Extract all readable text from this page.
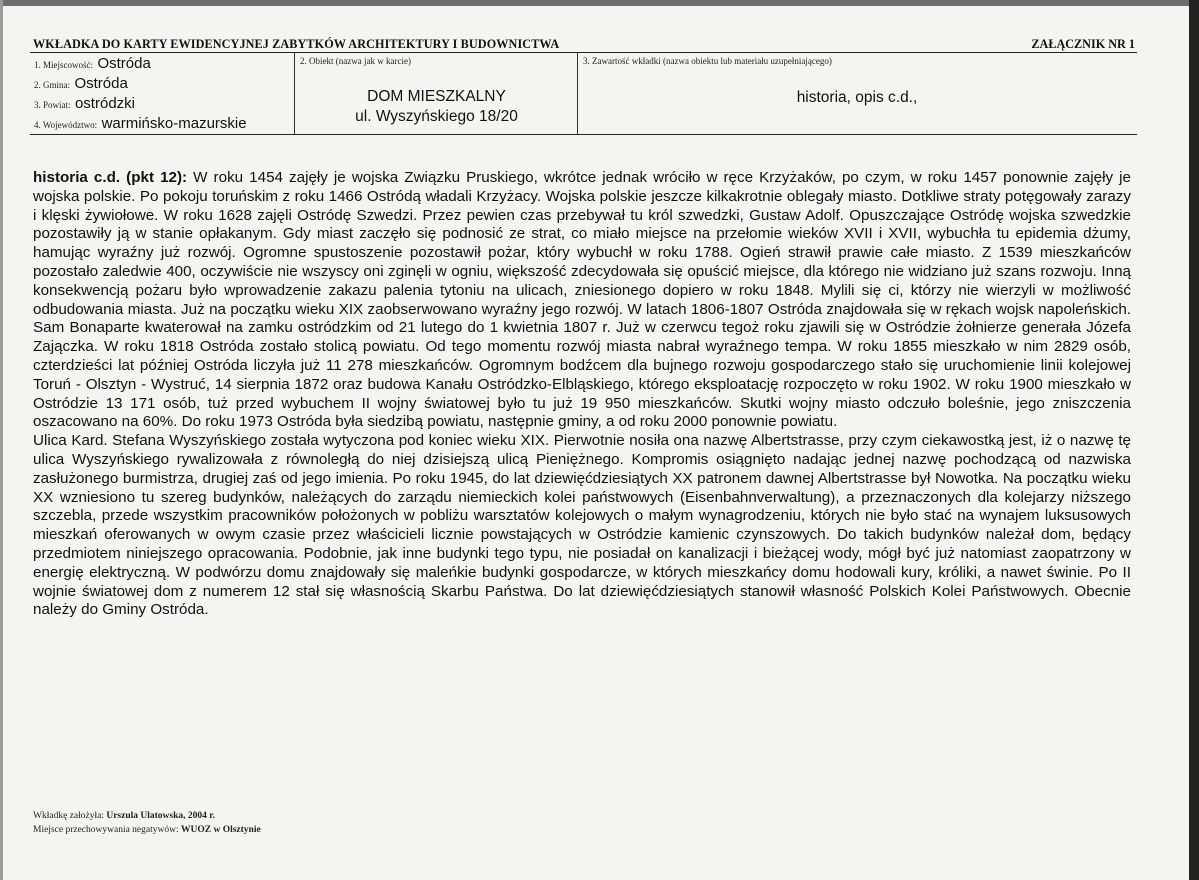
WKŁADKA DO KARTY EWIDENCYJNEJ ZABYTKÓW ARCHITEKTURY I BUDOWNICTWA	ZAŁĄCZNIK NR 1
1. Miejscowość: Ostróda
2. Gmina: Ostróda
3. Powiat: ostródzki
4. Województwo: warmińsko-mazurskie
2. Obiekt (nazwa jak w karcie)
DOM MIESZKALNY
ul. Wyszyńskiego 18/20
3. Zawartość wkładki (nazwa obiektu lub materiału uzupełniającego)
historia, opis c.d.,

historia c.d. (pkt 12): W roku 1454 zajęły je wojska Związku Pruskiego, wkrótce jednak wróciło w ręce Krzyżaków, po czym, w roku 1457 ponownie zajęły je wojska polskie. Po pokoju toruńskim z roku 1466 Ostródą władali Krzyżacy. Wojska polskie jeszcze kilkakrotnie oblegały miasto. Dotkliwe straty potęgowały zarazy i klęski żywiołowe. W roku 1628 zajęli Ostródę Szwedzi. Przez pewien czas przebywał tu król szwedzki, Gustaw Adolf. Opuszczające Ostródę wojska szwedzkie pozostawiły ją w stanie opłakanym. Gdy miast zaczęło się podnosić ze strat, co miało miejsce na przełomie wieków XVII i XVII, wybuchła tu epidemia dżumy, hamując wyraźny już rozwój. Ogromne spustoszenie pozostawił pożar, który wybuchł w roku 1788. Ogień strawił prawie całe miasto. Z 1539 mieszkańców pozostało zaledwie 400, oczywiście nie wszyscy oni zginęli w ogniu, większość zdecydowała się opuścić miejsce, dla którego nie widziano już szans rozwoju. Inną konsekwencją pożaru było wprowadzenie zakazu palenia tytoniu na ulicach, zniesionego dopiero w roku 1848. Mylili się ci, którzy nie wierzyli w możliwość odbudowania miasta. Już na początku wieku XIX zaobserwowano wyraźny jego rozwój. W latach 1806-1807 Ostróda znajdowała się w rękach wojsk napoleńskich. Sam Bonaparte kwaterował na zamku ostródzkim od 21 lutego do 1 kwietnia 1807 r. Już w czerwcu tegoż roku zjawili się w Ostródzie żołnierze generała Józefa Zajączka. W roku 1818 Ostróda zostało stolicą powiatu. Od tego momentu rozwój miasta nabrał wyraźnego tempa. W roku 1855 mieszkało w nim 2829 osób, czterdzieści lat później Ostróda liczyła już 11 278 mieszkańców. Ogromnym bodźcem dla bujnego rozwoju gospodarczego stało się uruchomienie linii kolejowej Toruń - Olsztyn - Wystruć, 14 sierpnia 1872 oraz budowa Kanału Ostródzko-Elbląskiego, którego eksploatację rozpoczęto w roku 1902. W roku 1900 mieszkało w Ostródzie 13 171 osób, tuż przed wybuchem II wojny światowej było tu już 19 950 mieszkańców. Skutki wojny miasto odczuło boleśnie, jego zniszczenia oszacowano na 60%. Do roku 1973 Ostróda była siedzibą powiatu, następnie gminy, a od roku 2000 ponownie powiatu.

Ulica Kard. Stefana Wyszyńskiego została wytyczona pod koniec wieku XIX. Pierwotnie nosiła ona nazwę Albertstrasse, przy czym ciekawostką jest, iż o nazwę tę ulica Wyszyńskiego rywalizowała z równoległą do niej dzisiejszą ulicą Pieniężnego. Kompromis osiągnięto nadając jednej nazwę pochodzącą od nazwiska zasłużonego burmistrza, drugiej zaś od jego imienia. Po roku 1945, do lat dziewięćdziesiątych XX patronem dawnej Albertstrasse był Nowotka. Na początku wieku XX wzniesiono tu szereg budynków, należących do zarządu niemieckich kolei państwowych (Eisenbahnverwaltung), a przeznaczonych dla kolejarzy niższego szczebla, przede wszystkim pracowników położonych w pobliżu warsztatów kolejowych o małym wynagrodzeniu, których nie było stać na wynajem luksusowych mieszkań oferowanych w owym czasie przez właścicieli licznie powstających w Ostródzie kamienic czynszowych. Do takich budynków należał dom, będący przedmiotem niniejszego opracowania. Podobnie, jak inne budynki tego typu, nie posiadał on kanalizacji i bieżącej wody, mógł być już natomiast zaopatrzony w energię elektryczną. W podwórzu domu znajdowały się maleńkie budynki gospodarcze, w których mieszkańcy domu hodowali kury, króliki, a nawet świnie. Po II wojnie światowej dom z numerem 12 stał się własnością Skarbu Państwa. Do lat dziewięćdziesiątych stanowił własność Polskich Kolei Państwowych. Obecnie należy do Gminy Ostróda.

Wkładkę założyła: Urszula Ulatowska, 2004 r.
Miejsce przechowywania negatywów: WUOZ w Olsztynie
